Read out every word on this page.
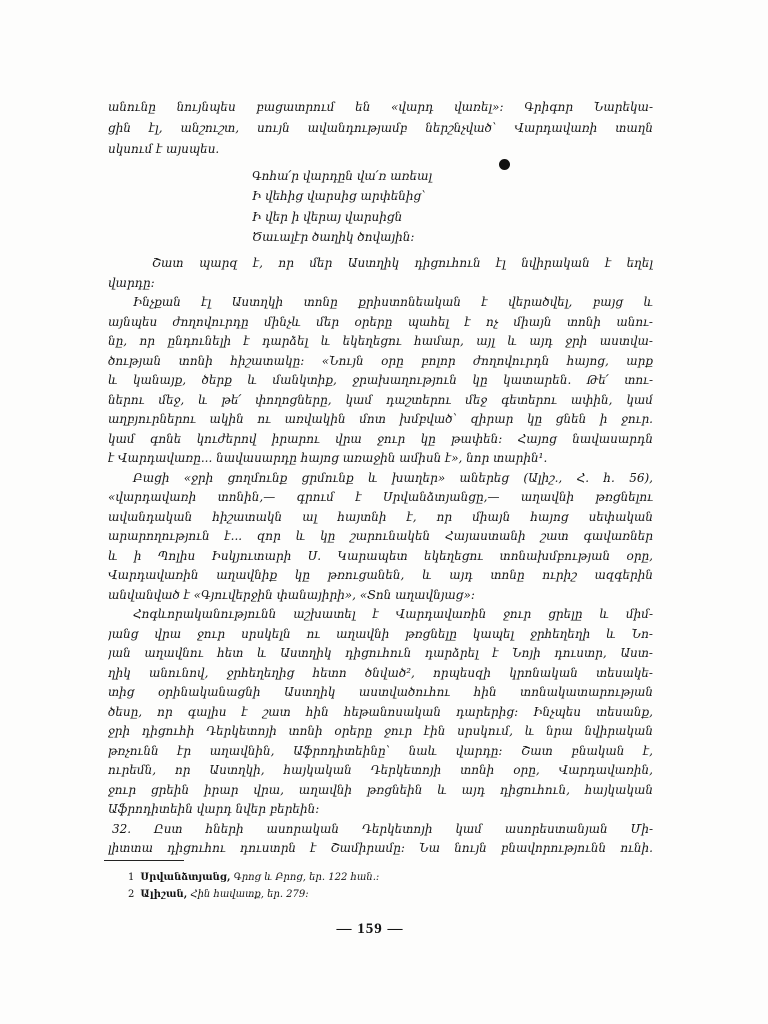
անունը նույնպես բացատրում են «վարդ վառել»։ Գրիգոր Նարեկա-
ցին էլ, անշուշտ, սույն ավանդությամբ ներշնչված՝ Վարդավառի տաղն
սկսում է այսպես.
Գոհա՛ր վարդըն վա՛ռ առեալ
Ի վեհից վարսից արփենից՝
Ի վեր ի վերայ վարսիցն
Ծաւալէր ծաղիկ ծովային։
Շատ պարզ է, որ մեր Աստղիկ դիցուհուն էլ նվիրական է եղել
վարդը:
Ինչքան էլ Աստղկի տոնը քրիստոնեական է վերածվել, բայց և
այնպես ժողովուրդը մինչև մեր օրերը պահել է ոչ միայն տոնի անու-
նը, որ ընդունելի է դարձել և եկեղեցու համար, այլ և այդ ջրի աստվա-
ծության տոնի հիշատակը: «Նույն օրը բոլոր ժողովուրդն հայոց, արք
և կանայք, ծերք և մանկտիք, ջրախաղություն կը կատարեն. Թե՛ տու-
ներու մեջ, և թե՛ փողոցները, կամ դաշտերու մեջ գետերու ափին, կամ
աղբյուրներու ակին ու առվակին մոտ խմբված՝ զիրար կը ցնեն ի ջուր.
կամ գոնե կուժերով իրարու վրա ջուր կը թափեն: Հայոց նավասարդն
է Վարդավառը... նավասարդը հայոց առաջին ամիսն է», նոր տարին¹.
Բացի «ջրի ցողմունք ցրմունք և խաղեր» աներեց (Ալիշ., Հ. հ. 56),
«վարդավառի տոնին,— գրում է Սրվանձտյանցը,— աղավնի թռցնելու
ավանդական հիշատակն ալ հայտնի է, որ միայն հայոց սեփական
արարողություն է... զոր և կը շարունակեն Հայաստանի շատ գավառներ
և ի Պոլիս Իսկյուտարի Ս. Կարապետ եկեղեցու տոնախմբության օրը,
Վարդավառին աղավնիք կը թռուցանեն, և այդ տոնը ուրիշ ազգերին
անվանված է «Գյուվերջին փանայիրի», «Տոն աղավնյաց»:
Հոգևորականությունն աշխատել է Վարդավառին ջուր ցրելը և միմ-
յանց վրա ջուր սրսկելն ու աղավնի թռցնելը կապել ջրհեղեղի և Նո-
յան աղավնու հետ և Աստղիկ դիցուհուն դարձրել է Նոյի դուստր, Աստ-
ղիկ անունով, ջրհեղեղից հետո ծնված², որպեսզի կրոնական տեսակե-
տից օրինականացնի Աստղիկ աստվածուհու հին տոնակատարության
ծեսը, որ գալիս է շատ հին հեթանոսական դարերից: Ինչպես տեսանք,
ջրի դիցուհի Դերկետոյի տոնի օրերը ջուր էին սրսկում, և նրա նվիրական
թռչունն էր աղավնին, Աֆրոդիտեինը՝ նաև վարդը: Շատ բնական է,
ուրեմն, որ Աստղկի, հայկական Դերկետոյի տոնի օրը, Վարդավառին,
ջուր ցրեին իրար վրա, աղավնի թռցնեին և այդ դիցուհուն, հայկական
Աֆրոդիտեին վարդ նվեր բերեին:
32. Ըստ հների ասորական Դերկետոյի կամ ասորեստանյան Մի-
լիտտա դիցուհու դուստրն է Շամիրամը: Նա նույն բնավորությունն ունի.
1 Սրվանձտյանց, Գրոց և Բրոց, եր. 122 հան.:
2 Ալիշան, Հին հավատք, եր. 279:
— 159 —
